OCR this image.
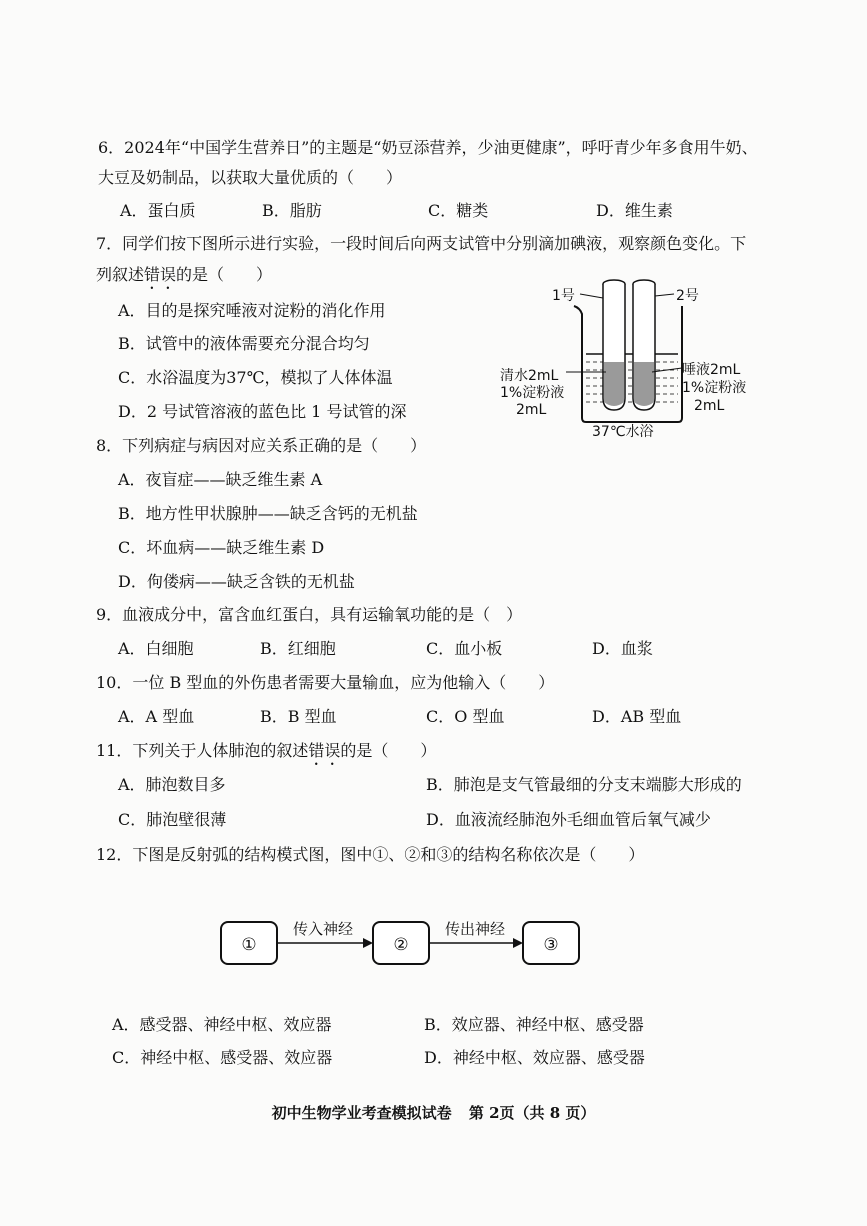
6．2024年“中国学生营养日”的主题是“奶豆添营养，少油更健康”，呼吁青少年多食用牛奶、
大豆及奶制品，以获取大量优质的（　　）
A．蛋白质	B．脂肪	C．糖类	D．维生素
7．同学们按下图所示进行实验，一段时间后向两支试管中分别滴加碘液，观察颜色变化。下
列叙述错误的是（　　）
A．目的是探究唾液对淀粉的消化作用
B．试管中的液体需要充分混合均匀
C．水浴温度为37℃，模拟了人体体温
D．2 号试管溶液的蓝色比 1 号试管的深
1号	2号
清水2mL
1%淀粉液
2mL
唾液2mL
1%淀粉液
2mL
37℃水浴
8．下列病症与病因对应关系正确的是（　　）
A．夜盲症——缺乏维生素 A
B．地方性甲状腺肿——缺乏含钙的无机盐
C．坏血病——缺乏维生素 D
D．佝偻病——缺乏含铁的无机盐
9．血液成分中，富含血红蛋白，具有运输氧功能的是（　）
A．白细胞	B．红细胞	C．血小板	D．血浆
10．一位 B 型血的外伤患者需要大量输血，应为他输入（　　）
A．A 型血	B．B 型血	C．O 型血	D．AB 型血
11．下列关于人体肺泡的叙述错误的是（　　）
A．肺泡数目多	B．肺泡是支气管最细的分支末端膨大形成的
C．肺泡壁很薄	D．血液流经肺泡外毛细血管后氧气减少
12．下图是反射弧的结构模式图，图中①、②和③的结构名称依次是（　　）
①	②	③
传入神经	传出神经
A．感受器、神经中枢、效应器	B．效应器、神经中枢、感受器
C．神经中枢、感受器、效应器	D．神经中枢、效应器、感受器
初中生物学业考查模拟试卷 第 2页（共 8 页）
